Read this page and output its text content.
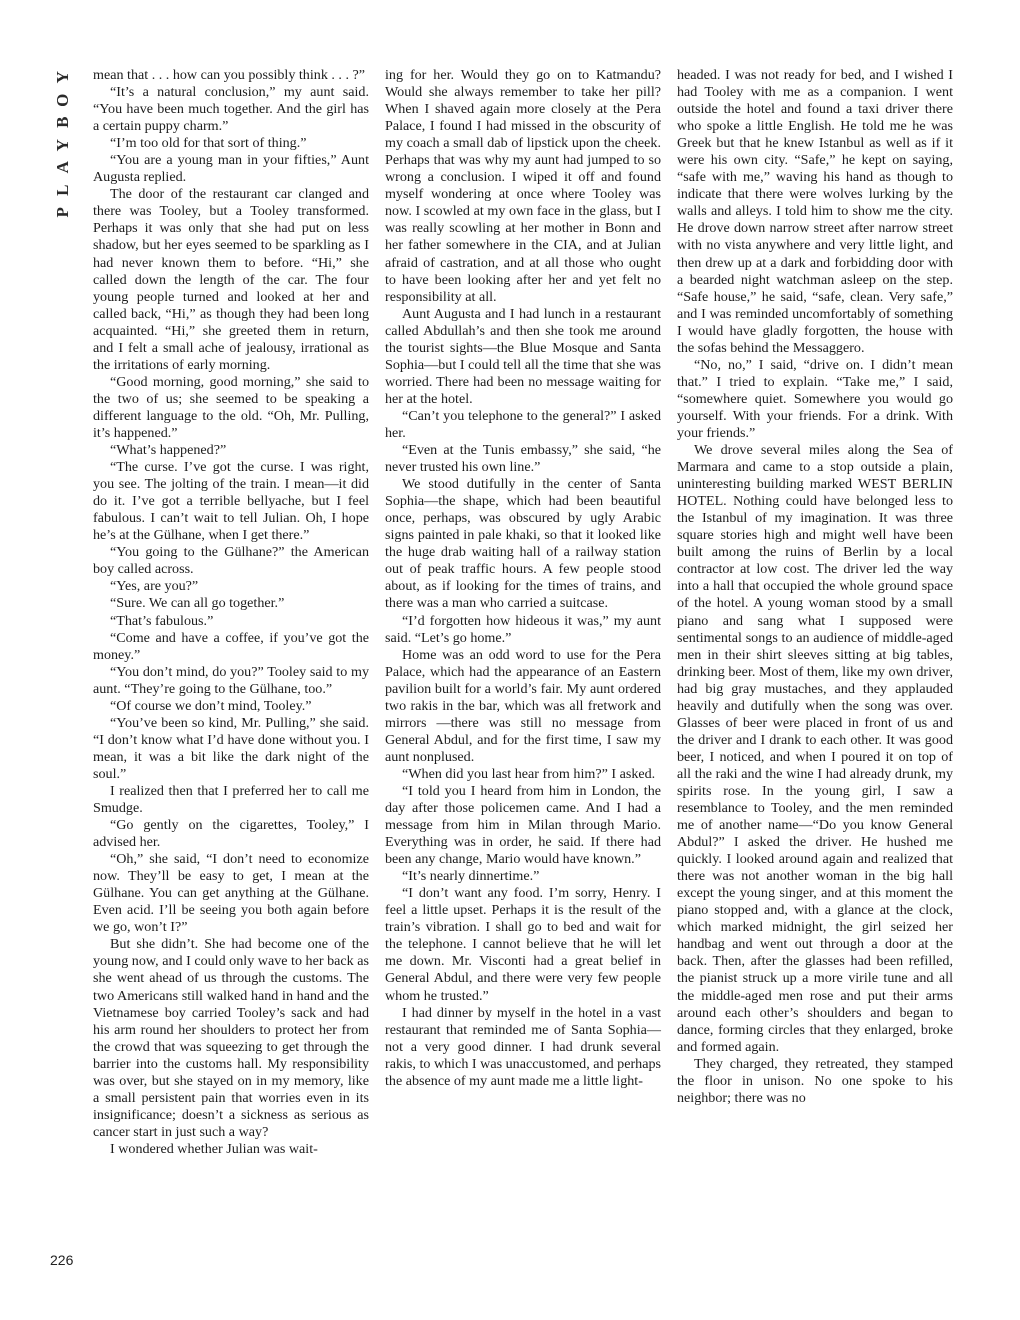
Y
O
B
Y
A
L
P

mean that . . . how can you possibly think . . . ?”

“It’s a natural conclusion,” my aunt said. “You have been much together. And the girl has a certain puppy charm.”

“I’m too old for that sort of thing.”

“You are a young man in your fifties,” Aunt Augusta replied.

The door of the restaurant car clanged and there was Tooley, but a Tooley transformed. Perhaps it was only that she had put on less shadow, but her eyes seemed to be sparkling as I had never known them to before. “Hi,” she called down the length of the car. The four young people turned and looked at her and called back, “Hi,” as though they had been long acquainted. “Hi,” she greeted them in return, and I felt a small ache of jealousy, irrational as the irritations of early morning.

“Good morning, good morning,” she said to the two of us; she seemed to be speaking a different language to the old. “Oh, Mr. Pulling, it’s happened.”

“What’s happened?”

“The curse. I’ve got the curse. I was right, you see. The jolting of the train. I mean—it did do it. I’ve got a terrible bellyache, but I feel fabulous. I can’t wait to tell Julian. Oh, I hope he’s at the Gülhane, when I get there.”

“You going to the Gülhane?” the American boy called across.

“Yes, are you?”

“Sure. We can all go together.”

“That’s fabulous.”

“Come and have a coffee, if you’ve got the money.”

“You don’t mind, do you?” Tooley said to my aunt. “They’re going to the Gülhane, too.”

“Of course we don’t mind, Tooley.”

“You’ve been so kind, Mr. Pulling,” she said. “I don’t know what I’d have done without you. I mean, it was a bit like the dark night of the soul.”

I realized then that I preferred her to call me Smudge.

“Go gently on the cigarettes, Tooley,” I advised her.

“Oh,” she said, “I don’t need to economize now. They’ll be easy to get, I mean at the Gülhane. You can get anything at the Gülhane. Even acid. I’ll be seeing you both again before we go, won’t I?”

But she didn’t. She had become one of the young now, and I could only wave to her back as she went ahead of us through the customs. The two Americans still walked hand in hand and the Vietnamese boy carried Tooley’s sack and had his arm round her shoulders to protect her from the crowd that was squeezing to get through the barrier into the customs hall. My responsibility was over, but she stayed on in my memory, like a small persistent pain that worries even in its insignificance; doesn’t a sickness as serious as cancer start in just such a way?

I wondered whether Julian was wait-

ing for her. Would they go on to Katmandu? Would she always remember to take her pill? When I shaved again more closely at the Pera Palace, I found I had missed in the obscurity of my coach a small dab of lipstick upon the cheek. Perhaps that was why my aunt had jumped to so wrong a conclusion. I wiped it off and found myself wondering at once where Tooley was now. I scowled at my own face in the glass, but I was really scowling at her mother in Bonn and her father somewhere in the CIA, and at Julian afraid of castration, and at all those who ought to have been looking after her and yet felt no responsibility at all.

Aunt Augusta and I had lunch in a restaurant called Abdullah’s and then she took me around the tourist sights—the Blue Mosque and Santa Sophia—but I could tell all the time that she was worried. There had been no message waiting for her at the hotel.

“Can’t you telephone to the general?” I asked her.

“Even at the Tunis embassy,” she said, “he never trusted his own line.”

We stood dutifully in the center of Santa Sophia—the shape, which had been beautiful once, perhaps, was obscured by ugly Arabic signs painted in pale khaki, so that it looked like the huge drab waiting hall of a railway station out of peak traffic hours. A few people stood about, as if looking for the times of trains, and there was a man who carried a suitcase.

“I’d forgotten how hideous it was,” my aunt said. “Let’s go home.”

Home was an odd word to use for the Pera Palace, which had the appearance of an Eastern pavilion built for a world’s fair. My aunt ordered two rakis in the bar, which was all fretwork and mirrors —there was still no message from General Abdul, and for the first time, I saw my aunt nonplused.

“When did you last hear from him?” I asked.

“I told you I heard from him in London, the day after those policemen came. And I had a message from him in Milan through Mario. Everything was in order, he said. If there had been any change, Mario would have known.”

“It’s nearly dinnertime.”

“I don’t want any food. I’m sorry, Henry. I feel a little upset. Perhaps it is the result of the train’s vibration. I shall go to bed and wait for the telephone. I cannot believe that he will let me down. Mr. Visconti had a great belief in General Abdul, and there were very few people whom he trusted.”

I had dinner by myself in the hotel in a vast restaurant that reminded me of Santa Sophia—not a very good dinner. I had drunk several rakis, to which I was unaccustomed, and perhaps the absence of my aunt made me a little light-

headed. I was not ready for bed, and I wished I had Tooley with me as a companion. I went outside the hotel and found a taxi driver there who spoke a little English. He told me he was Greek but that he knew Istanbul as well as if it were his own city. “Safe,” he kept on saying, “safe with me,” waving his hand as though to indicate that there were wolves lurking by the walls and alleys. I told him to show me the city. He drove down narrow street after narrow street with no vista anywhere and very little light, and then drew up at a dark and forbidding door with a bearded night watchman asleep on the step. “Safe house,” he said, “safe, clean. Very safe,” and I was reminded uncomfortably of something I would have gladly forgotten, the house with the sofas behind the Messaggero.

“No, no,” I said, “drive on. I didn’t mean that.” I tried to explain. “Take me,” I said, “somewhere quiet. Somewhere you would go yourself. With your friends. For a drink. With your friends.”

We drove several miles along the Sea of Marmara and came to a stop outside a plain, uninteresting building marked WEST BERLIN HOTEL. Nothing could have belonged less to the Istanbul of my imagination. It was three square stories high and might well have been built among the ruins of Berlin by a local contractor at low cost. The driver led the way into a hall that occupied the whole ground space of the hotel. A young woman stood by a small piano and sang what I supposed were sentimental songs to an audience of middle-aged men in their shirt sleeves sitting at big tables, drinking beer. Most of them, like my own driver, had big gray mustaches, and they applauded heavily and dutifully when the song was over. Glasses of beer were placed in front of us and the driver and I drank to each other. It was good beer, I noticed, and when I poured it on top of all the raki and the wine I had already drunk, my spirits rose. In the young girl, I saw a resemblance to Tooley, and the men reminded me of another name—“Do you know General Abdul?” I asked the driver. He hushed me quickly. I looked around again and realized that there was not another woman in the big hall except the young singer, and at this moment the piano stopped and, with a glance at the clock, which marked midnight, the girl seized her handbag and went out through a door at the back. Then, after the glasses had been refilled, the pianist struck up a more virile tune and all the middle-aged men rose and put their arms around each other’s shoulders and began to dance, forming circles that they enlarged, broke and formed again.

They charged, they retreated, they stamped the floor in unison. No one spoke to his neighbor; there was no

226
